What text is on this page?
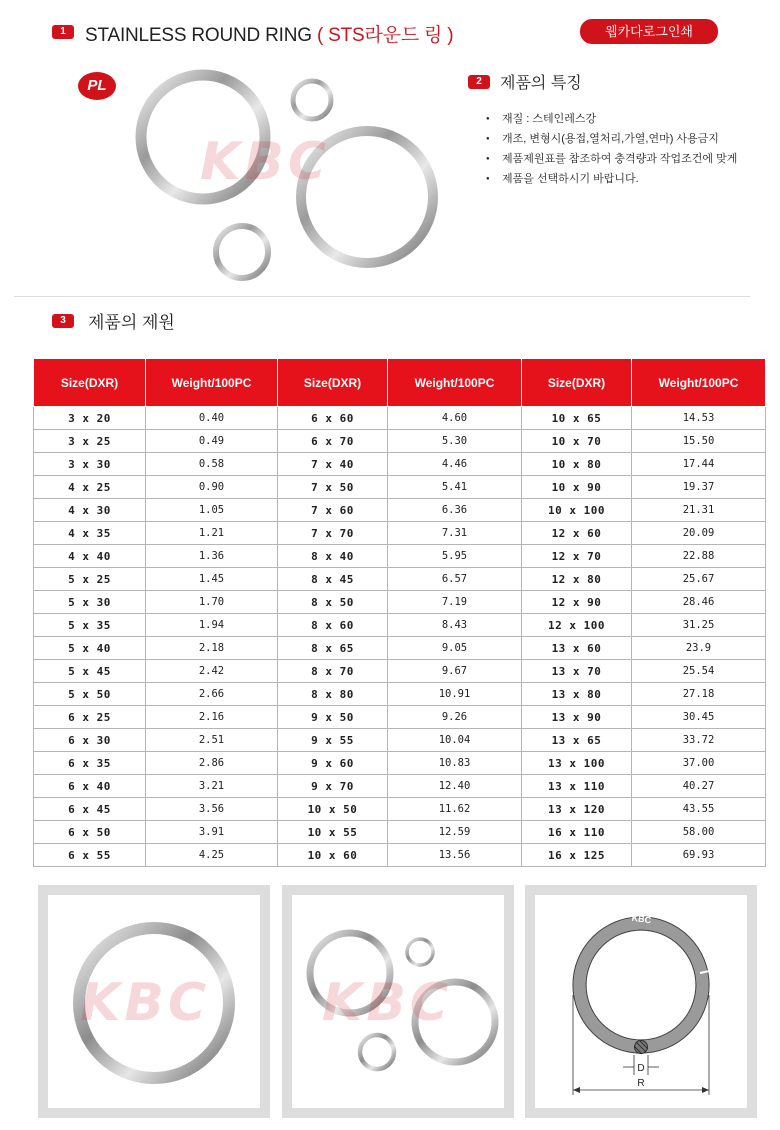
1	STAINLESS ROUND RING ( STS라운드 링 )	웹카다로그인쇄
PL
KBC
2	제품의 특징
● 재질 : 스테인레스강
● 개조, 변형시(용접,열처리,가열,연마) 사용금지
● 제품제원표를 참조하여 충격량과 작업조건에 맞게
● 제품을 선택하시기 바랍니다.
3	제품의 제원
Size(DXR)	Weight/100PC	Size(DXR)	Weight/100PC	Size(DXR)	Weight/100PC
3 x 20	0.40	6 x 60	4.60	10 x 65	14.53
3 x 25	0.49	6 x 70	5.30	10 x 70	15.50
3 x 30	0.58	7 x 40	4.46	10 x 80	17.44
4 x 25	0.90	7 x 50	5.41	10 x 90	19.37
4 x 30	1.05	7 x 60	6.36	10 x 100	21.31
4 x 35	1.21	7 x 70	7.31	12 x 60	20.09
4 x 40	1.36	8 x 40	5.95	12 x 70	22.88
5 x 25	1.45	8 x 45	6.57	12 x 80	25.67
5 x 30	1.70	8 x 50	7.19	12 x 90	28.46
5 x 35	1.94	8 x 60	8.43	12 x 100	31.25
5 x 40	2.18	8 x 65	9.05	13 x 60	23.9
5 x 45	2.42	8 x 70	9.67	13 x 70	25.54
5 x 50	2.66	8 x 80	10.91	13 x 80	27.18
6 x 25	2.16	9 x 50	9.26	13 x 90	30.45
6 x 30	2.51	9 x 55	10.04	13 x 65	33.72
6 x 35	2.86	9 x 60	10.83	13 x 100	37.00
6 x 40	3.21	9 x 70	12.40	13 x 110	40.27
6 x 45	3.56	10 x 50	11.62	13 x 120	43.55
6 x 50	3.91	10 x 55	12.59	16 x 110	58.00
6 x 55	4.25	10 x 60	13.56	16 x 125	69.93
KBC KBC
KBC
D
R
